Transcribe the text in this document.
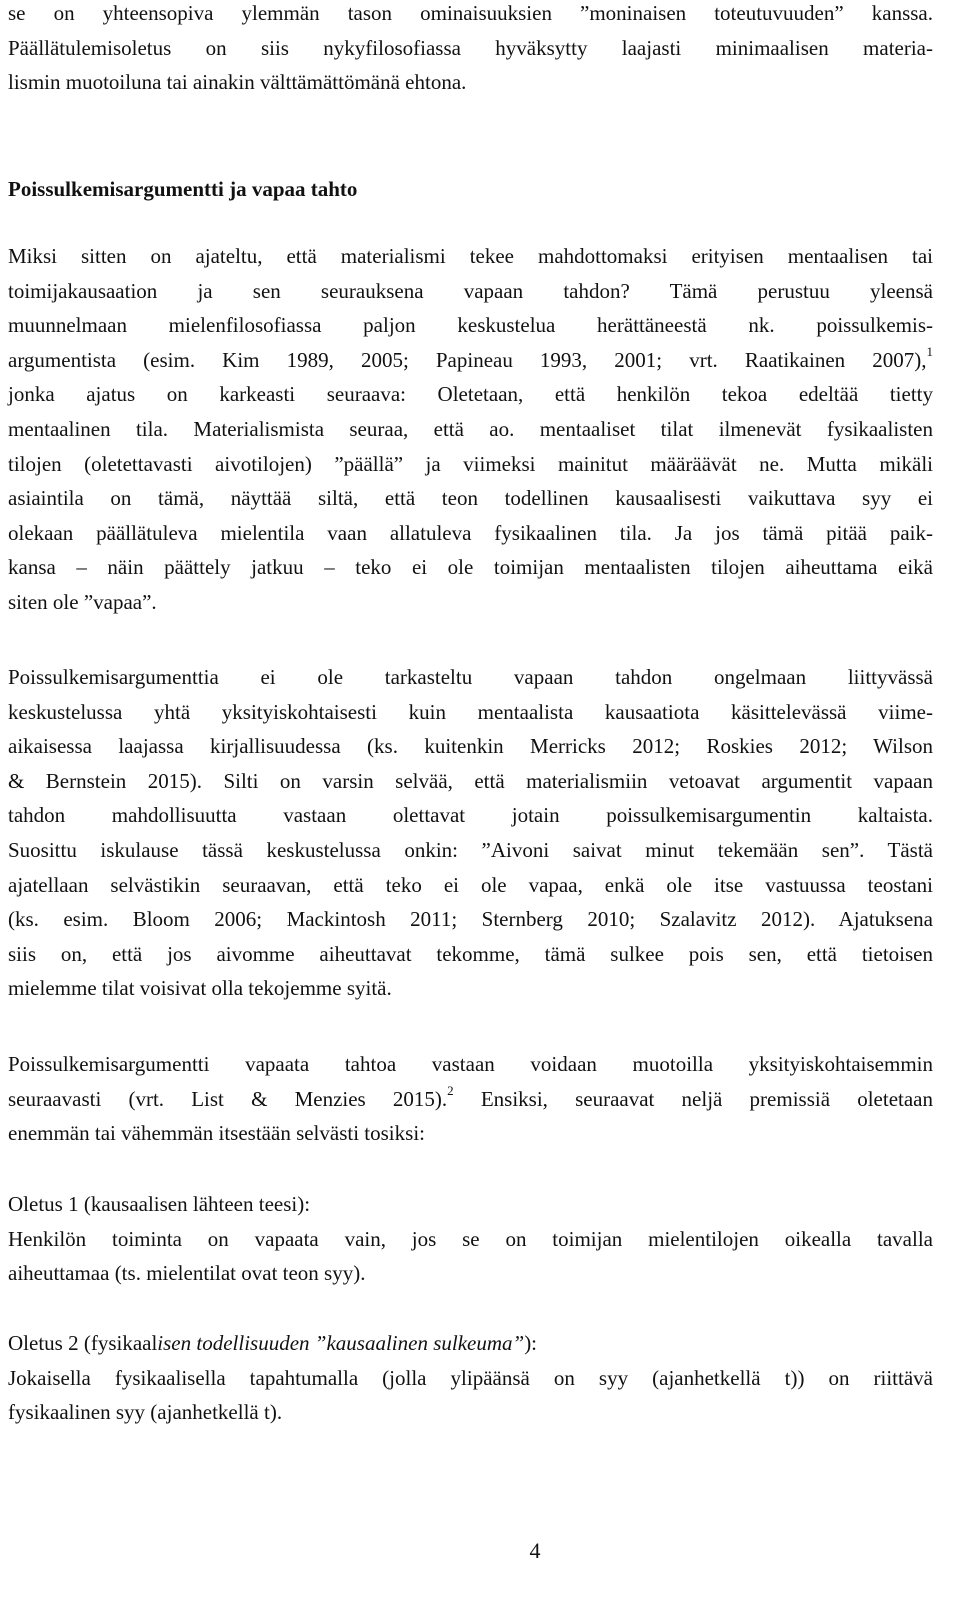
se on yhteensopiva ylemmän tason ominaisuuksien ”moninaisen toteutuvuuden” kanssa.
Päällätulemisoletus on siis nykyfilosofiassa hyväksytty laajasti minimaalisen materia-
lismin muotoiluna tai ainakin välttämättömänä ehtona.
Poissulkemisargumentti ja vapaa tahto
Miksi sitten on ajateltu, että materialismi tekee mahdottomaksi erityisen mentaalisen tai
toimijakausaation ja sen seurauksena vapaan tahdon? Tämä perustuu yleensä
muunnelmaan mielenfilosofiassa paljon keskustelua herättäneestä nk. poissulkemis-
argumentista (esim. Kim 1989, 2005; Papineau 1993, 2001; vrt. Raatikainen 2007),$^1$
jonka ajatus on karkeasti seuraava: Oletetaan, että henkilön tekoa edeltää tietty
mentaalinen tila. Materialismista seuraa, että ao. mentaaliset tilat ilmenevät fysikaalisten
tilojen (oletettavasti aivotilojen) ”päällä” ja viimeksi mainitut määräävät ne. Mutta mikäli
asiaintila on tämä, näyttää siltä, että teon todellinen kausaalisesti vaikuttava syy ei
olekaan päällätuleva mielentila vaan allatuleva fysikaalinen tila. Ja jos tämä pitää paik-
kansa – näin päättely jatkuu – teko ei ole toimijan mentaalisten tilojen aiheuttama eikä
siten ole ”vapaa”.
Poissulkemisargumenttia ei ole tarkasteltu vapaan tahdon ongelmaan liittyvässä
keskustelussa yhtä yksityiskohtaisesti kuin mentaalista kausaatiota käsittelevässä viime-
aikaisessa laajassa kirjallisuudessa (ks. kuitenkin Merricks 2012; Roskies 2012; Wilson
& Bernstein 2015). Silti on varsin selvää, että materialismiin vetoavat argumentit vapaan
tahdon mahdollisuutta vastaan olettavat jotain poissulkemisargumentin kaltaista.
Suosittu iskulause tässä keskustelussa onkin: ”Aivoni saivat minut tekemään sen”. Tästä
ajatellaan selvästikin seuraavan, että teko ei ole vapaa, enkä ole itse vastuussa teostani
(ks. esim. Bloom 2006; Mackintosh 2011; Sternberg 2010; Szalavitz 2012). Ajatuksena
siis on, että jos aivomme aiheuttavat tekomme, tämä sulkee pois sen, että tietoisen
mielemme tilat voisivat olla tekojemme syitä.
Poissulkemisargumentti vapaata tahtoa vastaan voidaan muotoilla yksityiskohtaisemmin
seuraavasti (vrt. List & Menzies 2015).$^2$ Ensiksi, seuraavat neljä premissiä oletetaan
enemmän tai vähemmän itsestään selvästi tosiksi:
Oletus 1 (kausaalisen lähteen teesi):
Henkilön toiminta on vapaata vain, jos se on toimijan mielentilojen oikealla tavalla
aiheuttamaa (ts. mielentilat ovat teon syy).
Oletus 2 (fysikaalisen todellisuuden ”kausaalinen sulkeuma”):
Jokaisella fysikaalisella tapahtumalla (jolla ylipäänsä on syy (ajanhetkellä t)) on riittävä
fysikaalinen syy (ajanhetkellä t).
4
